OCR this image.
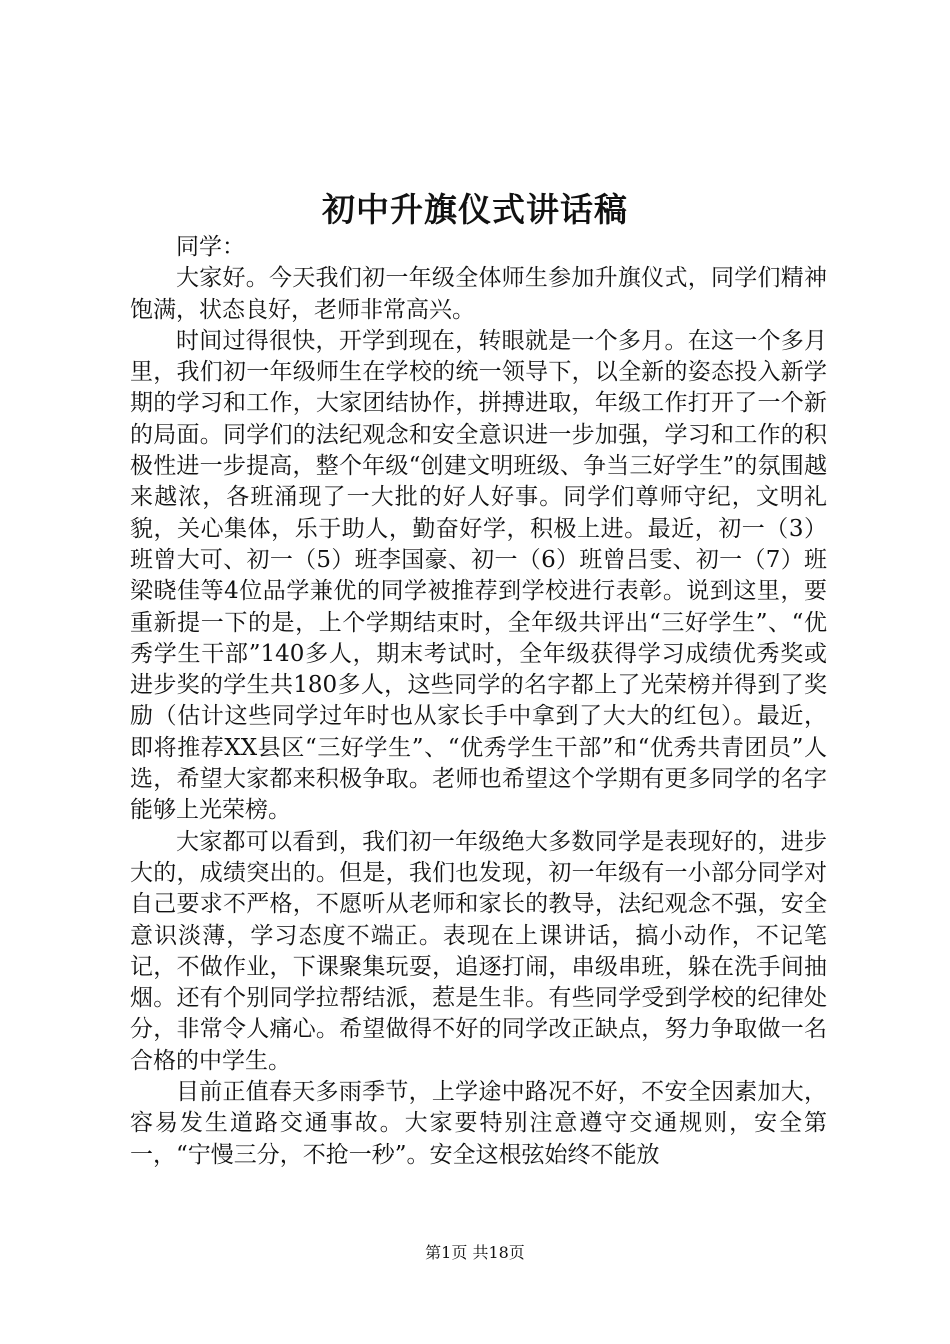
初中升旗仪式讲话稿

同学：

大家好。今天我们初一年级全体师生参加升旗仪式，同学们精神饱满，状态良好，老师非常高兴。

时间过得很快，开学到现在，转眼就是一个多月。在这一个多月里，我们初一年级师生在学校的统一领导下，以全新的姿态投入新学期的学习和工作，大家团结协作，拼搏进取，年级工作打开了一个新的局面。同学们的法纪观念和安全意识进一步加强，学习和工作的积极性进一步提高，整个年级“创建文明班级、争当三好学生”的氛围越来越浓，各班涌现了一大批的好人好事。同学们尊师守纪，文明礼貌，关心集体，乐于助人，勤奋好学，积极上进。最近，初一（3）班曾大可、初一（5）班李国豪、初一（6）班曾吕雯、初一（7）班梁晓佳等4位品学兼优的同学被推荐到学校进行表彰。说到这里，要重新提一下的是，上个学期结束时，全年级共评出“三好学生”、“优秀学生干部”140多人，期末考试时，全年级获得学习成绩优秀奖或进步奖的学生共180多人，这些同学的名字都上了光荣榜并得到了奖励（估计这些同学过年时也从家长手中拿到了大大的红包）。最近，即将推荐XX县区“三好学生”、“优秀学生干部”和“优秀共青团员”人选，希望大家都来积极争取。老师也希望这个学期有更多同学的名字能够上光荣榜。

大家都可以看到，我们初一年级绝大多数同学是表现好的，进步大的，成绩突出的。但是，我们也发现，初一年级有一小部分同学对自己要求不严格，不愿听从老师和家长的教导，法纪观念不强，安全意识淡薄，学习态度不端正。表现在上课讲话，搞小动作，不记笔记，不做作业，下课聚集玩耍，追逐打闹，串级串班，躲在洗手间抽烟。还有个别同学拉帮结派，惹是生非。有些同学受到学校的纪律处分，非常令人痛心。希望做得不好的同学改正缺点，努力争取做一名合格的中学生。

目前正值春天多雨季节，上学途中路况不好，不安全因素加大，容易发生道路交通事故。大家要特别注意遵守交通规则，安全第一，“宁慢三分，不抢一秒”。安全这根弦始终不能放

第1页 共18页
